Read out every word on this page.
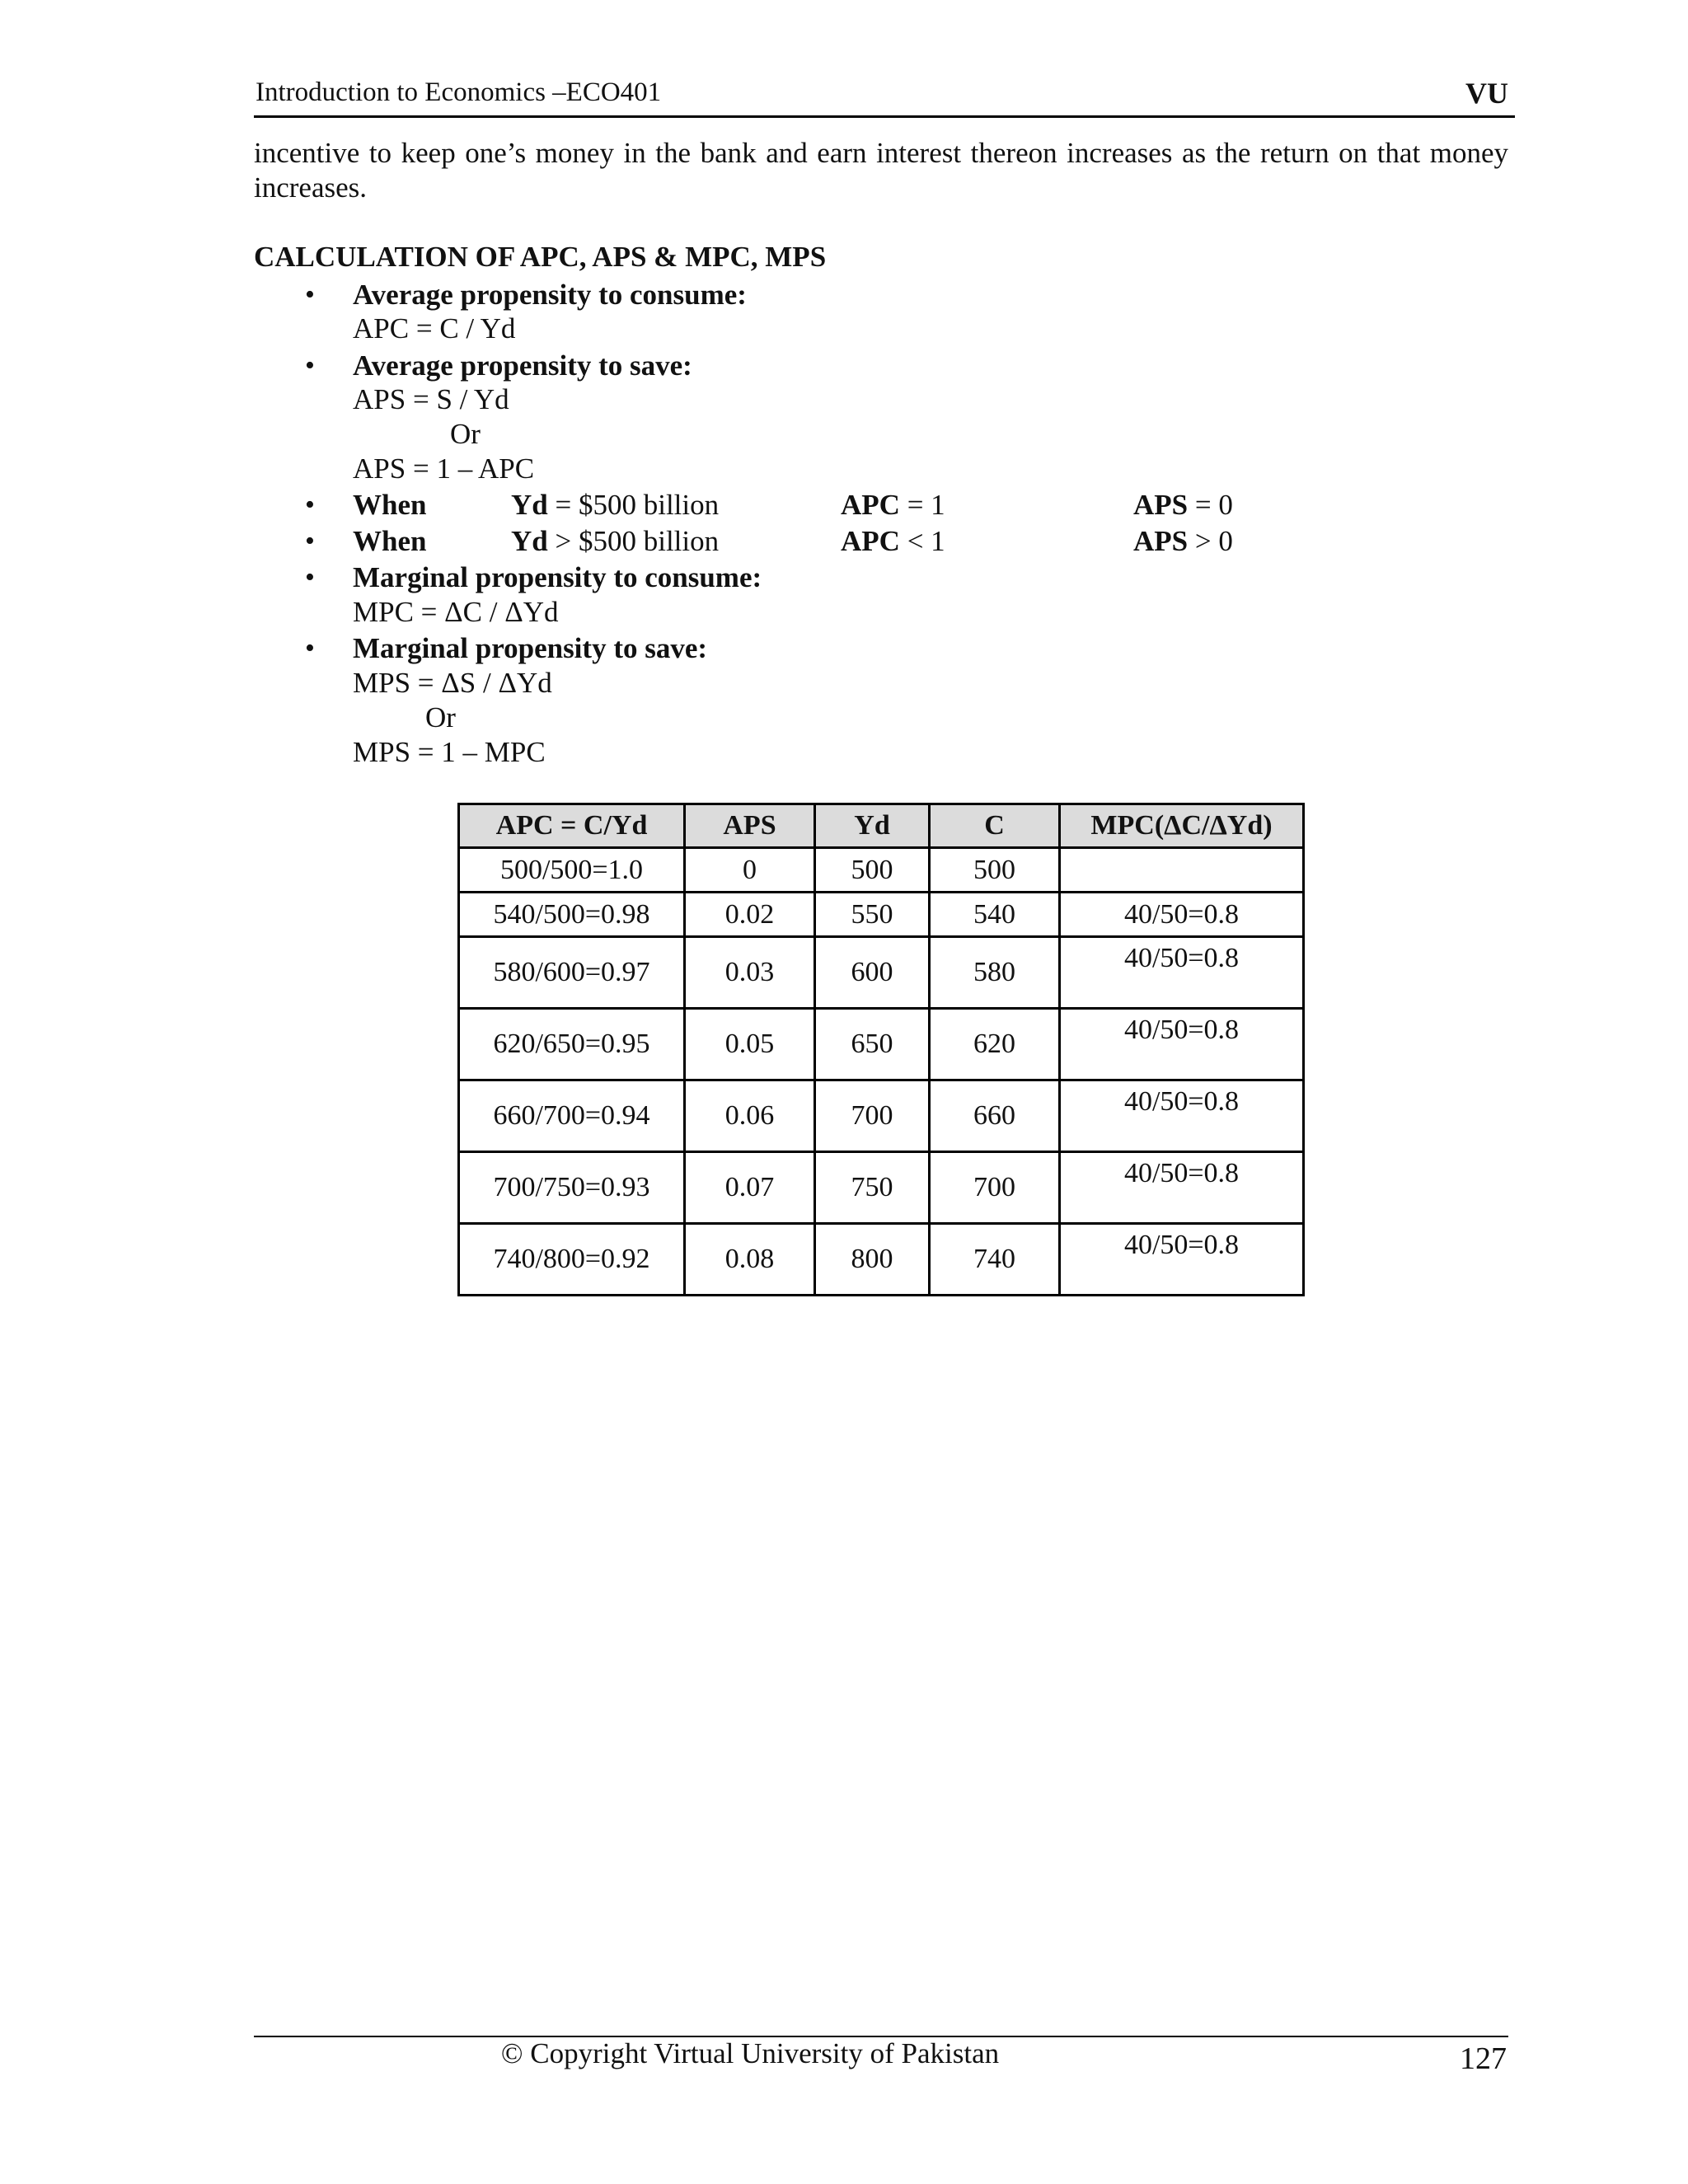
Introduction to Economics –ECO401	VU

incentive to keep one’s money in the bank and earn interest thereon increases as the return on that money increases.

CALCULATION OF APC, APS & MPC, MPS
• Average propensity to consume:
APC = C / Yd
• Average propensity to save:
APS = S / Yd
Or
APS = 1 – APC
• When	Yd = $500 billion	APC = 1	APS = 0
• When	Yd > $500 billion	APC < 1	APS > 0
• Marginal propensity to consume:
MPC = ΔC / ΔYd
• Marginal propensity to save:
MPS = ΔS / ΔYd
Or
MPS = 1 – MPC
APC = C/Yd	APS	Yd	C	MPC(ΔC/ΔYd)
500/500=1.0	0	500	500	
540/500=0.98	0.02	550	540	40/50=0.8
580/600=0.97	0.03	600	580	40/50=0.8
620/650=0.95	0.05	650	620	40/50=0.8
660/700=0.94	0.06	700	660	40/50=0.8
700/750=0.93	0.07	750	700	40/50=0.8
740/800=0.92	0.08	800	740	40/50=0.8
© Copyright Virtual University of Pakistan	127
